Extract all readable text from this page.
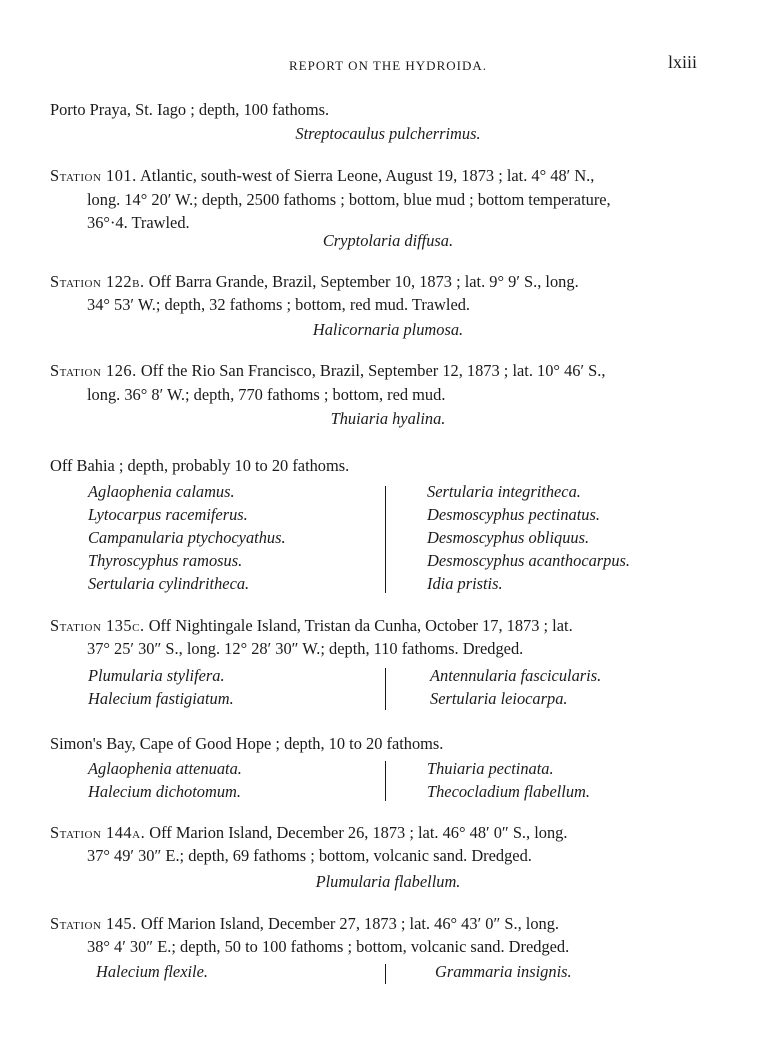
REPORT ON THE HYDROIDA.	lxiii
Porto Praya, St. Iago ; depth, 100 fathoms.
Streptocaulus pulcherrimus.
Station 101. Atlantic, south-west of Sierra Leone, August 19, 1873 ; lat. 4° 48′ N.,
long. 14° 20′ W.; depth, 2500 fathoms ; bottom, blue mud ; bottom temperature,
36°·4. Trawled.
Cryptolaria diffusa.
Station 122b. Off Barra Grande, Brazil, September 10, 1873 ; lat. 9° 9′ S., long.
34° 53′ W.; depth, 32 fathoms ; bottom, red mud. Trawled.
Halicornaria plumosa.
Station 126. Off the Rio San Francisco, Brazil, September 12, 1873 ; lat. 10° 46′ S.,
long. 36° 8′ W.; depth, 770 fathoms ; bottom, red mud.
Thuiaria hyalina.
Off Bahia ; depth, probably 10 to 20 fathoms.
Aglaophenia calamus.
Lytocarpus racemiferus.
Campanularia ptychocyathus.
Thyroscyphus ramosus.
Sertularia cylindritheca.
Sertularia integritheca.
Desmoscyphus pectinatus.
Desmoscyphus obliquus.
Desmoscyphus acanthocarpus.
Idia pristis.
Station 135c. Off Nightingale Island, Tristan da Cunha, October 17, 1873 ; lat.
37° 25′ 30″ S., long. 12° 28′ 30″ W.; depth, 110 fathoms. Dredged.
Plumularia stylifera.
Halecium fastigiatum.
Antennularia fascicularis.
Sertularia leiocarpa.
Simon's Bay, Cape of Good Hope ; depth, 10 to 20 fathoms.
Aglaophenia attenuata.
Halecium dichotomum.
Thuiaria pectinata.
Thecocladium flabellum.
Station 144a. Off Marion Island, December 26, 1873 ; lat. 46° 48′ 0″ S., long.
37° 49′ 30″ E.; depth, 69 fathoms ; bottom, volcanic sand. Dredged.
Plumularia flabellum.
Station 145. Off Marion Island, December 27, 1873 ; lat. 46° 43′ 0″ S., long.
38° 4′ 30″ E.; depth, 50 to 100 fathoms ; bottom, volcanic sand. Dredged.
Halecium flexile.	Grammaria insignis.
